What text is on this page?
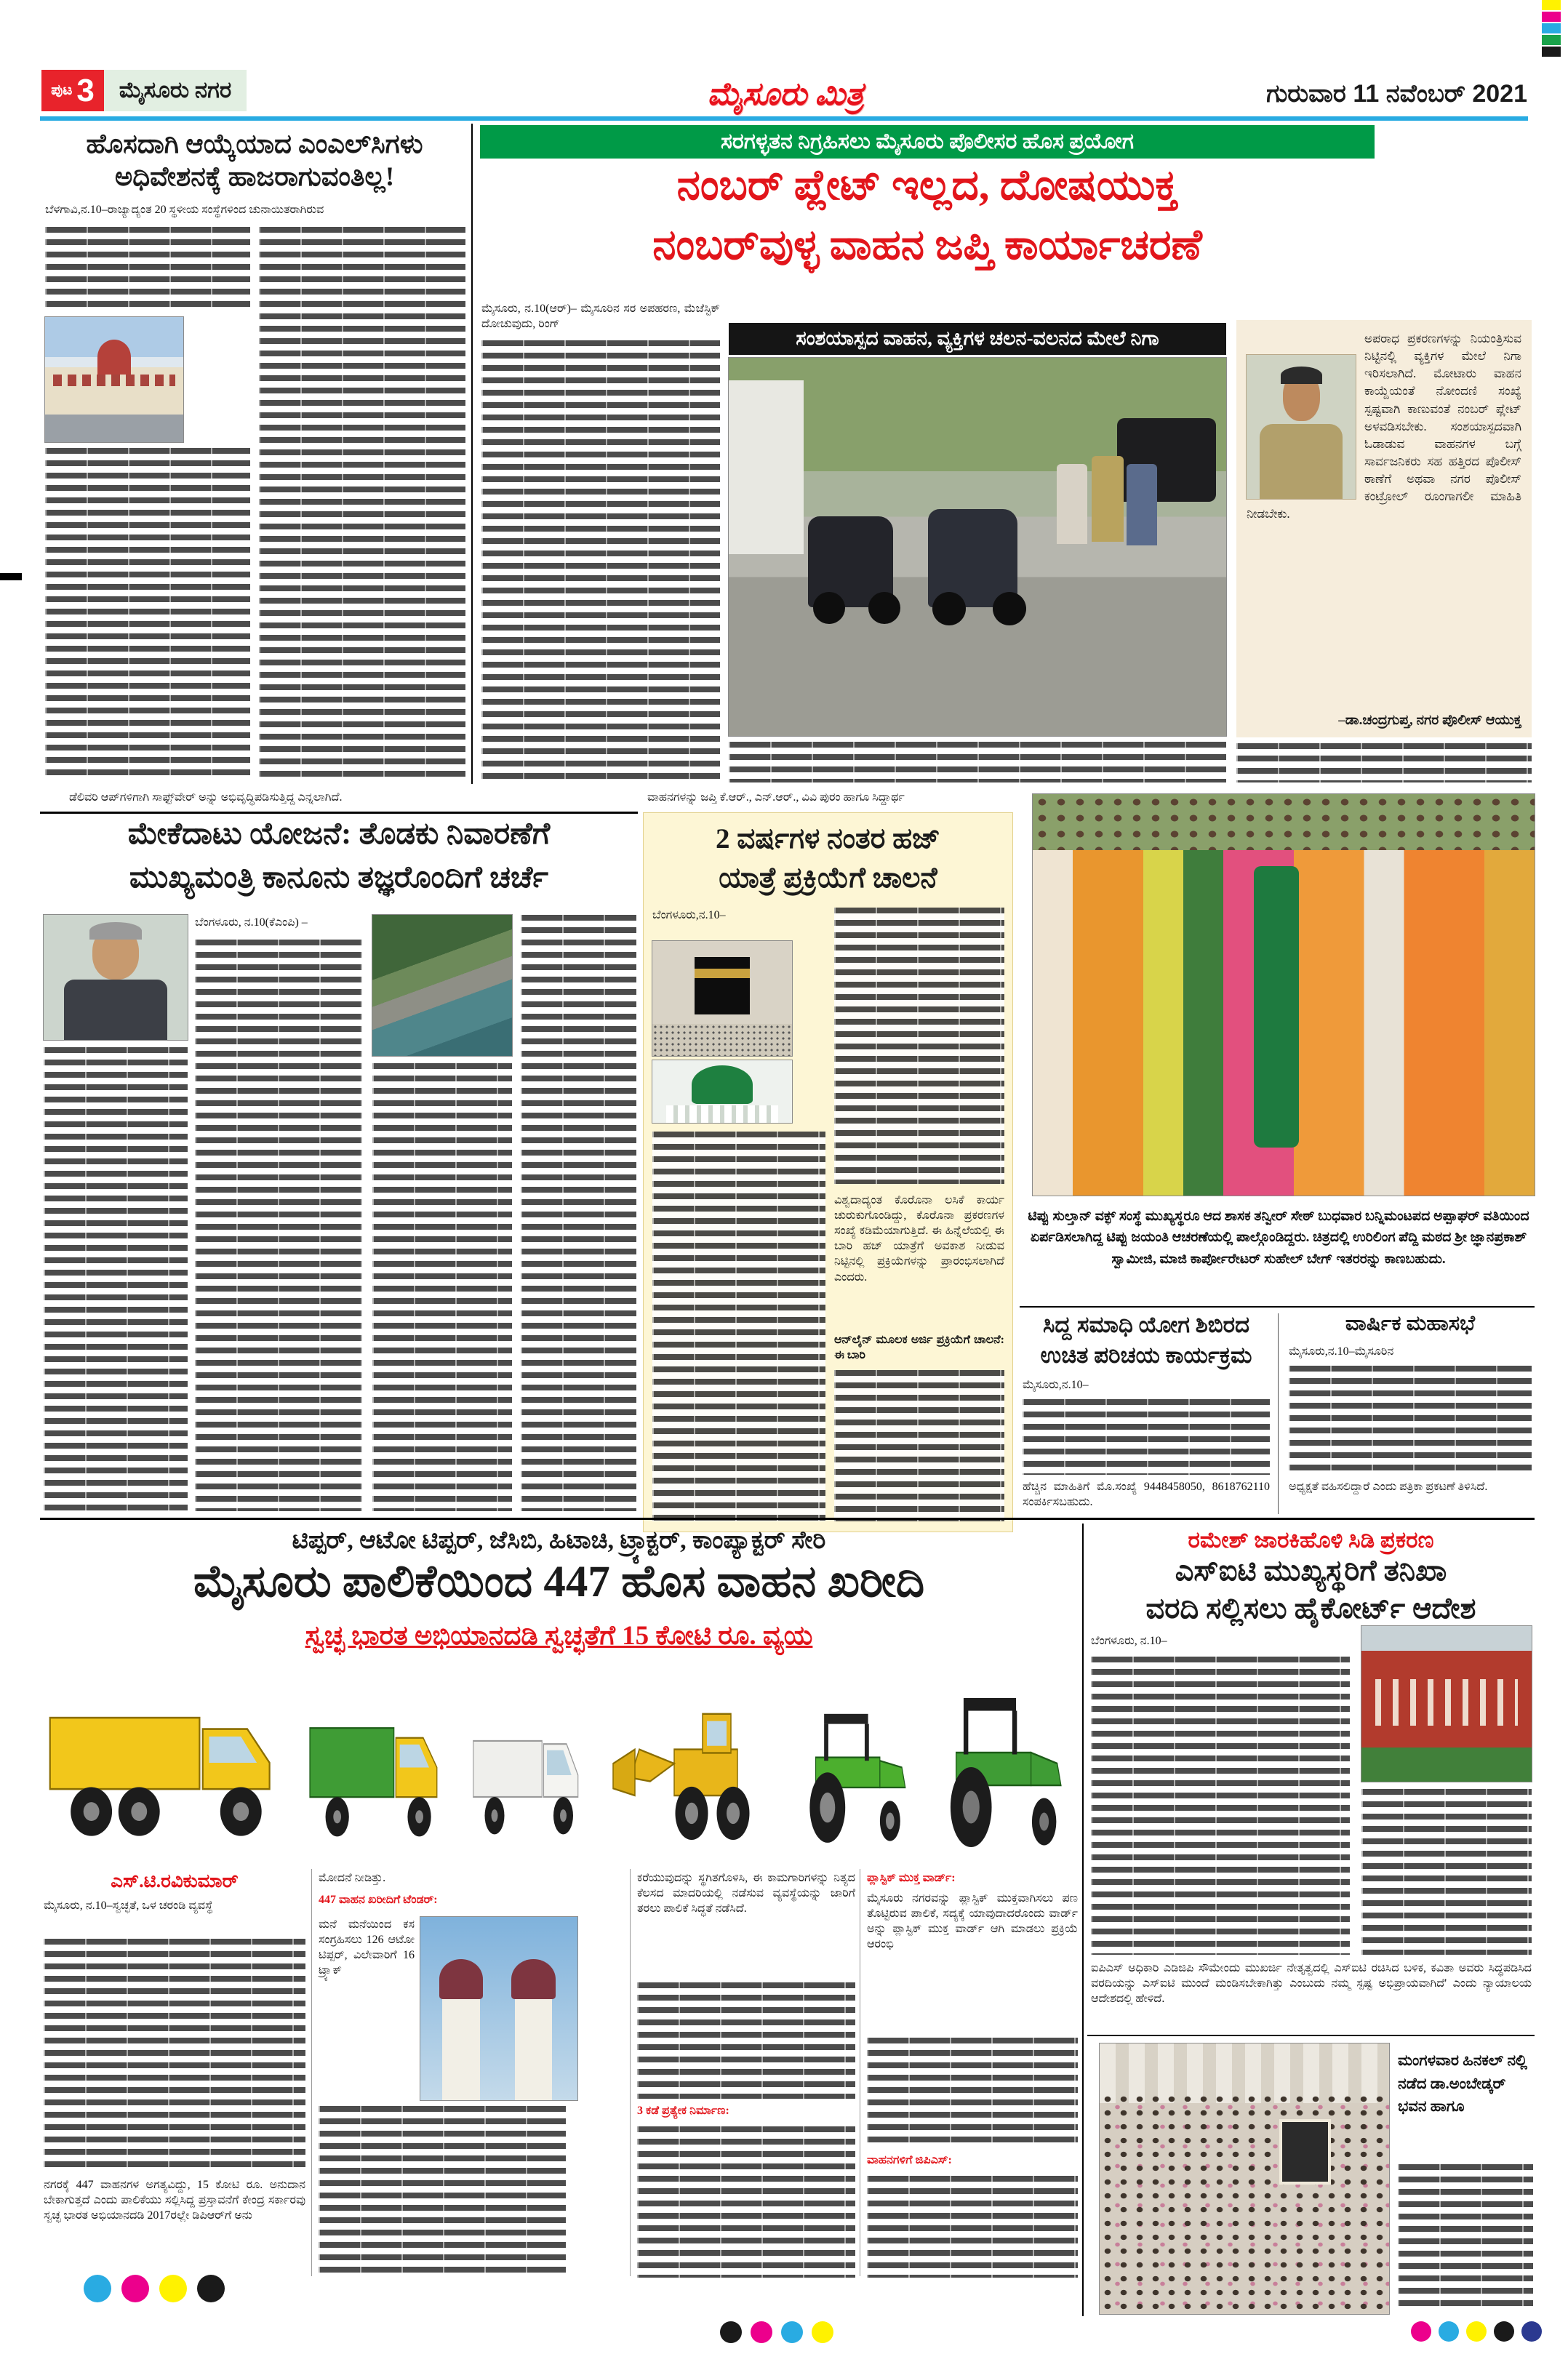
ಪುಟ 3 ಮೈಸೂರು ನಗರ	ಮೈಸೂರು ಮಿತ್ರ	ಗುರುವಾರ 11 ನವೆಂಬರ್ 2021
ಹೊಸದಾಗಿ ಆಯ್ಕೆಯಾದ ಎಂಎಲ್‌ಸಿಗಳು ಅಧಿವೇಶನಕ್ಕೆ ಹಾಜರಾಗುವಂತಿಲ್ಲ!
ಬೆಳಗಾವಿ,ನ.10–ರಾಜ್ಯಾದ್ಯಂತ 20 ಸ್ಥಳೀಯ ಸಂಸ್ಥೆಗಳಿಂದ ಚುನಾಯಿತರಾಗಿರುವ
ಡೆಲಿವರಿ ಆಪ್‌ಗಳಿಗಾಗಿ ಸಾಫ್ಟ್‌ವೇರ್ ಅನ್ನು ಅಭಿವೃದ್ಧಿಪಡಿಸುತ್ತಿದ್ದ ಎನ್ನಲಾಗಿದೆ.
ಸರಗಳ್ಳತನ ನಿಗ್ರಹಿಸಲು ಮೈಸೂರು ಪೊಲೀಸರ ಹೊಸ ಪ್ರಯೋಗ
ನಂಬರ್ ಪ್ಲೇಟ್ ಇಲ್ಲದ, ದೋಷಯುಕ್ತ
ನಂಬರ್‌ವುಳ್ಳ ವಾಹನ ಜಪ್ತಿ ಕಾರ್ಯಾಚರಣೆ
ಮೈಸೂರು, ನ.10(ಆರ್)– ಮೈಸೂರಿನ ಸರ ಅಪಹರಣ, ಮೆಜೆಸ್ಟಿಕ್ ದೋಚುವುದು, ರಿಂಗ್
ಸಂಶಯಾಸ್ಪದ ವಾಹನ, ವ್ಯಕ್ತಿಗಳ ಚಲನ-ವಲನದ ಮೇಲೆ ನಿಗಾ	ಅಪರಾಧ ಪ್ರಕರಣಗಳನ್ನು ನಿಯಂತ್ರಿಸುವ ನಿಟ್ಟಿನಲ್ಲಿ ವ್ಯಕ್ತಿಗಳ ಮೇಲೆ ನಿಗಾ ಇರಿಸಲಾಗಿದೆ. ಮೋಟಾರು ವಾಹನ ಕಾಯ್ದೆಯಂತೆ ನೋಂದಣಿ ಸಂಖ್ಯೆ ಸ್ಪಷ್ಟವಾಗಿ ಕಾಣುವಂತೆ ನಂಬರ್ ಪ್ಲೇಟ್ ಅಳವಡಿಸಬೇಕು. ಸಂಶಯಾಸ್ಪದವಾಗಿ ಓಡಾಡುವ ವಾಹನಗಳ ಬಗ್ಗೆ ಸಾರ್ವಜನಿಕರು ಸಹ ಹತ್ತಿರದ ಪೊಲೀಸ್ ಠಾಣೆಗೆ ಅಥವಾ ನಗರ ಪೊಲೀಸ್ ಕಂಟ್ರೋಲ್ ರೂಂಗಾಗಲೀ ಮಾಹಿತಿ ನೀಡಬೇಕು.
–ಡಾ.ಚಂದ್ರಗುಪ್ತ, ನಗರ ಪೊಲೀಸ್ ಆಯುಕ್ತ
ಮೇಕೆದಾಟು ಯೋಜನೆ: ತೊಡಕು ನಿವಾರಣೆಗೆ
ಮುಖ್ಯಮಂತ್ರಿ ಕಾನೂನು ತಜ್ಞರೊಂದಿಗೆ ಚರ್ಚೆ
ಬೆಂಗಳೂರು, ನ.10(ಕೆಎಂಪಿ) –
ವಾಹನಗಳನ್ನು ಜಪ್ತಿ ಕೆ.ಆರ್., ಎನ್.ಆರ್., ವಿವಿ ಪುರಂ ಹಾಗೂ ಸಿದ್ದಾರ್ಥ
2 ವರ್ಷಗಳ ನಂತರ ಹಜ್
ಯಾತ್ರೆ ಪ್ರಕ್ರಿಯೆಗೆ ಚಾಲನೆ
ಬೆಂಗಳೂರು,ನ.10–
ವಿಶ್ವದಾದ್ಯಂತ ಕೊರೊನಾ ಲಸಿಕೆ ಕಾರ್ಯ ಚುರುಕುಗೊಂಡಿದ್ದು, ಕೊರೊನಾ ಪ್ರಕರಣಗಳ ಸಂಖ್ಯೆ ಕಡಿಮೆಯಾಗುತ್ತಿದೆ. ಈ ಹಿನ್ನೆಲೆಯಲ್ಲಿ ಈ ಬಾರಿ ಹಜ್ ಯಾತ್ರೆಗೆ ಅವಕಾಶ ನೀಡುವ ನಿಟ್ಟಿನಲ್ಲಿ ಪ್ರಕ್ರಿಯೆಗಳನ್ನು ಪ್ರಾರಂಭಿಸಲಾಗಿದೆ ಎಂದರು.
ಆನ್‌ಲೈನ್ ಮೂಲಕ ಅರ್ಜಿ ಪ್ರಕ್ರಿಯೆಗೆ ಚಾಲನೆ: ಈ ಬಾರಿ
ಟಿಪ್ಪು ಸುಲ್ತಾನ್ ವಕ್ಫ್ ಸಂಸ್ಥೆ ಮುಖ್ಯಸ್ಥರೂ ಆದ ಶಾಸಕ ತನ್ವೀರ್ ಸೇಠ್ ಬುಧವಾರ ಬನ್ನಿಮಂಟಪದ ಅಪ್ಪಾಘರ್ ವತಿಯಿಂದ ಏರ್ಪಡಿಸಲಾಗಿದ್ದ ಟಿಪ್ಪು ಜಯಂತಿ ಆಚರಣೆಯಲ್ಲಿ ಪಾಲ್ಗೊಂಡಿದ್ದರು. ಚಿತ್ರದಲ್ಲಿ ಉರಿಲಿಂಗ ಪೆದ್ದಿ ಮಠದ ಶ್ರೀ ಜ್ಞಾನಪ್ರಕಾಶ್ ಸ್ವಾಮೀಜಿ, ಮಾಜಿ ಕಾರ್ಪೋರೇಟರ್ ಸುಹೇಲ್ ಬೇಗ್ ಇತರರನ್ನು ಕಾಣಬಹುದು.
ಸಿದ್ದ ಸಮಾಧಿ ಯೋಗ ಶಿಬಿರದ
ಉಚಿತ ಪರಿಚಯ ಕಾರ್ಯಕ್ರಮ
ಮೈಸೂರು,ನ.10–
ಹೆಚ್ಚಿನ ಮಾಹಿತಿಗೆ ಮೊ.ಸಂಖ್ಯೆ 9448458050, 8618762110 ಸಂಪರ್ಕಿಸಬಹುದು.
ವಾರ್ಷಿಕ ಮಹಾಸಭೆ
ಮೈಸೂರು,ನ.10–ಮೈಸೂರಿನ
ಅಧ್ಯಕ್ಷತೆ ವಹಿಸಲಿದ್ದಾರೆ ಎಂದು ಪತ್ರಿಕಾ ಪ್ರಕಟಣೆ ತಿಳಿಸಿದೆ.
ಟಿಪ್ಪರ್, ಆಟೋ ಟಿಪ್ಪರ್, ಜೆಸಿಬಿ, ಹಿಟಾಚಿ, ಟ್ರ್ಯಾಕ್ಟರ್, ಕಾಂಪ್ಯಾಕ್ಟರ್ ಸೇರಿ
ಮೈಸೂರು ಪಾಲಿಕೆಯಿಂದ 447 ಹೊಸ ವಾಹನ ಖರೀದಿ
ಸ್ವಚ್ಛ ಭಾರತ ಅಭಿಯಾನದಡಿ ಸ್ವಚ್ಛತೆಗೆ 15 ಕೋಟಿ ರೂ. ವ್ಯಯ
ಎಸ್.ಟಿ.ರವಿಕುಮಾರ್
ಮೈಸೂರು, ನ.10–ಸ್ವಚ್ಛತೆ, ಒಳ ಚರಂಡಿ ವ್ಯವಸ್ಥೆ
ನಗರಕ್ಕೆ 447 ವಾಹನಗಳ ಅಗತ್ಯವಿದ್ದು, 15 ಕೋಟಿ ರೂ. ಅನುದಾನ ಬೇಕಾಗುತ್ತದೆ ಎಂದು ಪಾಲಿಕೆಯು ಸಲ್ಲಿಸಿದ್ದ ಪ್ರಸ್ತಾವನೆಗೆ ಕೇಂದ್ರ ಸರ್ಕಾರವು ಸ್ವಚ್ಛ ಭಾರತ ಅಭಿಯಾನದಡಿ 2017ರಲ್ಲೇ ಡಿಪಿಆರ್‌ಗೆ ಅನು
ಮೋದನೆ ನೀಡಿತ್ತು.
447 ವಾಹನ ಖರೀದಿಗೆ ಟೆಂಡರ್:
ಮನೆ ಮನೆಯಿಂದ ಕಸ ಸಂಗ್ರಹಿಸಲು 126 ಆಟೋ ಟಿಪ್ಪರ್, ವಿಲೇವಾರಿಗೆ 16 ಟ್ರ್ಯಾಕ್
ಕರೆಯುವುದನ್ನು ಸ್ಥಗಿತಗೊಳಿಸಿ, ಈ ಕಾಮಗಾರಿಗಳನ್ನು ನಿತ್ಯದ ಕೆಲಸದ ಮಾದರಿಯಲ್ಲಿ ನಡೆಸುವ ವ್ಯವಸ್ಥೆಯನ್ನು ಜಾರಿಗೆ ತರಲು ಪಾಲಿಕೆ ಸಿದ್ಧತೆ ನಡೆಸಿದೆ.
3 ಕಡೆ ಪ್ರತ್ಯೇಕ ನಿರ್ಮಾಣ:
ಪ್ಲಾಸ್ಟಿಕ್ ಮುಕ್ತ ವಾರ್ಡ್:
ಮೈಸೂರು ನಗರವನ್ನು ಪ್ಲಾಸ್ಟಿಕ್ ಮುಕ್ತವಾಗಿಸಲು ಪಣ ತೊಟ್ಟಿರುವ ಪಾಲಿಕೆ, ಸದ್ಯಕ್ಕೆ ಯಾವುದಾದರೊಂದು ವಾರ್ಡ್ ಅನ್ನು ಪ್ಲಾಸ್ಟಿಕ್ ಮುಕ್ತ ವಾರ್ಡ್ ಆಗಿ ಮಾಡಲು ಪ್ರಕ್ರಿಯೆ ಆರಂಭಿ
ವಾಹನಗಳಿಗೆ ಜಿಪಿಎಸ್:
ರಮೇಶ್ ಜಾರಕಿಹೊಳಿ ಸಿಡಿ ಪ್ರಕರಣ
ಎಸ್‌ಐಟಿ ಮುಖ್ಯಸ್ಥರಿಗೆ ತನಿಖಾ
ವರದಿ ಸಲ್ಲಿಸಲು ಹೈಕೋರ್ಟ್ ಆದೇಶ
ಬೆಂಗಳೂರು, ನ.10–
ಐಪಿಎಸ್ ಅಧಿಕಾರಿ ಎಡಿಜಿಪಿ ಸೌಮೇಂದು ಮುಖರ್ಜಿ ನೇತೃತ್ವದಲ್ಲಿ ಎಸ್‌ಐಟಿ ರಚಿಸಿದ ಬಳಿಕ, ಕವಿತಾ ಅವರು ಸಿದ್ಧಪಡಿಸಿದ ವರದಿಯನ್ನು ಎಸ್‌ಐಟಿ ಮುಂದೆ ಮಂಡಿಸಬೇಕಾಗಿತ್ತು ಎಂಬುದು ನಮ್ಮ ಸ್ಪಷ್ಟ ಅಭಿಪ್ರಾಯವಾಗಿದೆ' ಎಂದು ನ್ಯಾಯಾಲಯ ಆದೇಶದಲ್ಲಿ ಹೇಳಿದೆ.
ಮಂಗಳವಾರ ಹಿನಕಲ್ ನಲ್ಲಿ ನಡೆದ ಡಾ.ಅಂಬೇಡ್ಕರ್ ಭವನ ಹಾಗೂ
